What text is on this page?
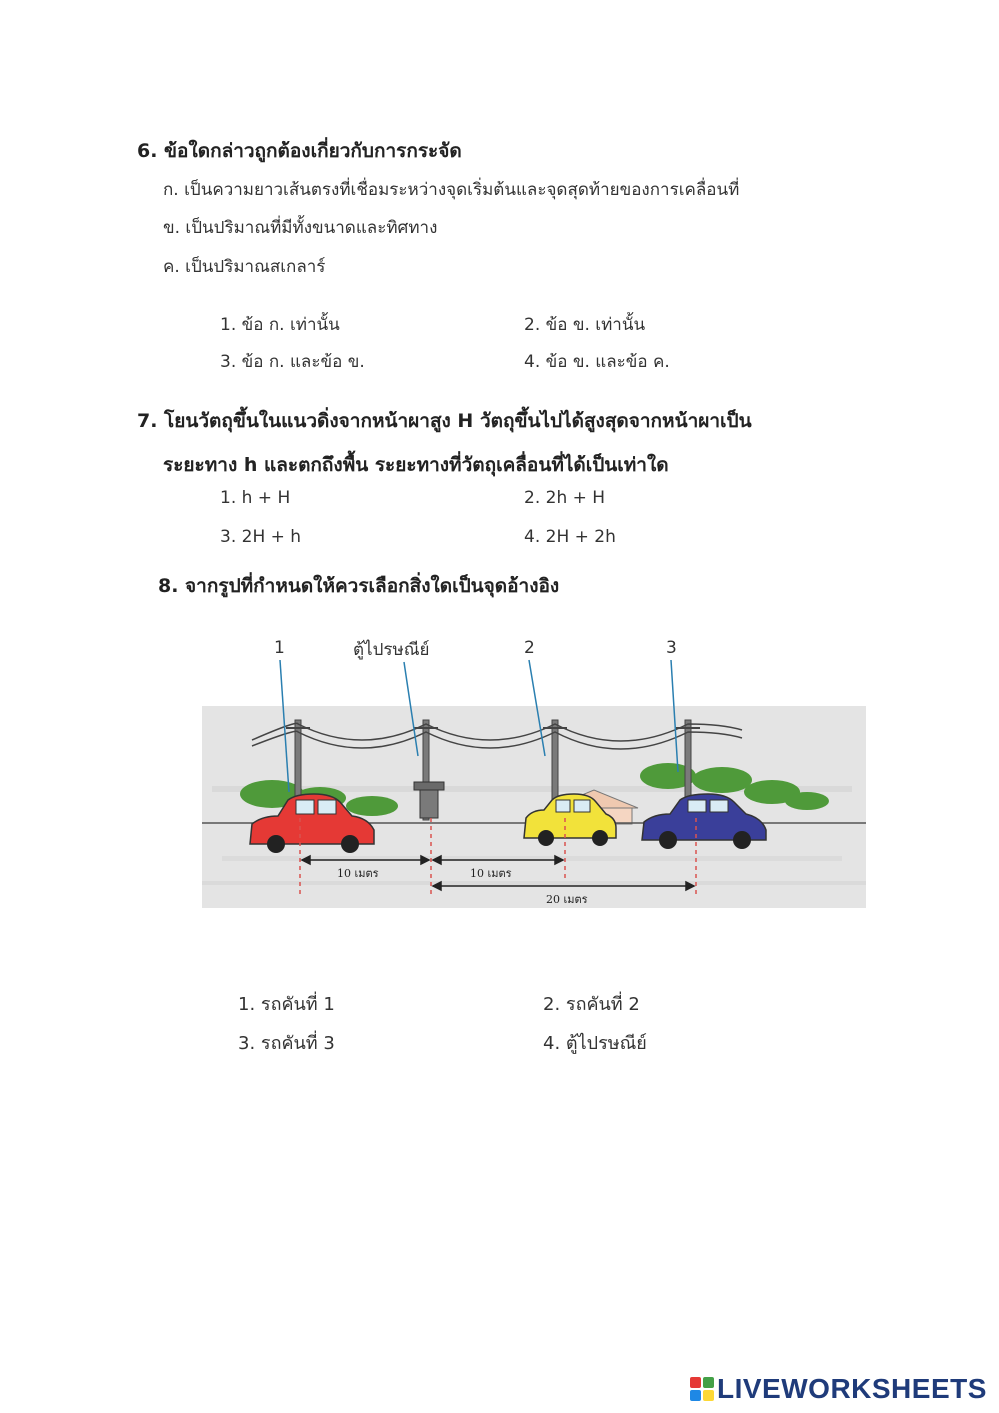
6. ข้อใดกล่าวถูกต้องเกี่ยวกับการกระจัด
ก. เป็นความยาวเส้นตรงที่เชื่อมระหว่างจุดเริ่มต้นและจุดสุดท้ายของการเคลื่อนที่
ข. เป็นปริมาณที่มีทั้งขนาดและทิศทาง
ค. เป็นปริมาณสเกลาร์
1. ข้อ ก. เท่านั้น	2. ข้อ ข. เท่านั้น
3. ข้อ ก. และข้อ ข.	4. ข้อ ข. และข้อ ค.
7. โยนวัตถุขึ้นในแนวดิ่งจากหน้าผาสูง H วัตถุขึ้นไปได้สูงสุดจากหน้าผาเป็น
ระยะทาง h และตกถึงพื้น ระยะทางที่วัตถุเคลื่อนที่ได้เป็นเท่าใด
1. h + H	2. 2h + H
3. 2H + h	4. 2H + 2h
8. จากรูปที่กำหนดให้ควรเลือกสิ่งใดเป็นจุดอ้างอิง
1	ตู้ไปรษณีย์	2	3
10 เมตร	10 เมตร
20 เมตร
1. รถคันที่ 1	2. รถคันที่ 2
3. รถคันที่ 3	4. ตู้ไปรษณีย์
LIVEWORKSHEETS
